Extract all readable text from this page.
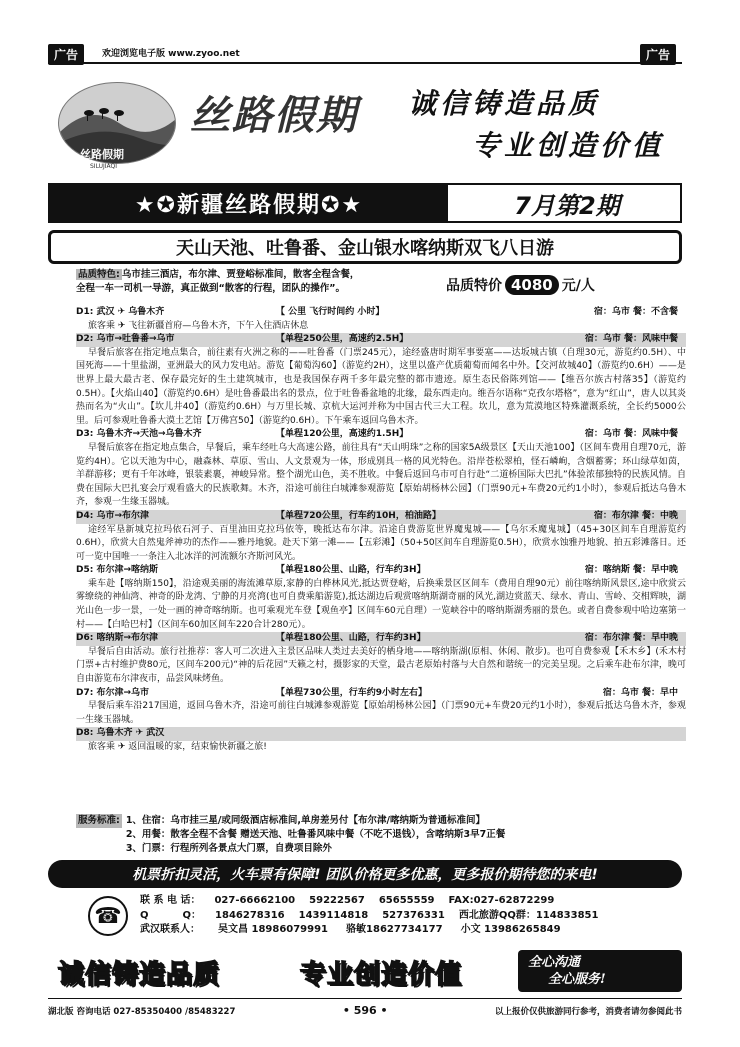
广告	欢迎浏览电子版 www.zyoo.net	广告
丝路假期
SILUJIAQI
丝路假期 诚信铸造品质
专业创造价值
★✪新疆丝路假期✪★	7月第2期
天山天池、吐鲁番、金山银水喀纳斯双飞八日游
品质特色: 乌市挂三酒店，布尔津、贾登峪标准间，散客全程含餐，
全程一车一司机一导游，真正做到“散客的行程，团队的操作”。	品质特价 4080 元/人
D1: 武汉 ✈ 乌鲁木齐	【 公里 飞行时间约 小时】	宿：乌市 餐：不含餐
旅客乘 ✈ 飞往新疆首府—乌鲁木齐，下午入住酒店休息
D2: 乌市→吐鲁番→乌市	【单程250公里，高速约2.5H】	宿：乌市 餐：风味中餐
早餐后旅客在指定地点集合，前往素有火洲之称的——吐鲁番（门票245元），途经盛唐时期军事要塞——达坂城古镇（自理30元，游览约0.5H）、中国死海——十里盐湖，亚洲最大的风力发电站。游览【葡萄沟60】（游览约2H），这里以盛产优质葡萄而闻名中外。【交河故城40】（游览约0.6H）——是世界上最大最古老、保存最完好的生土建筑城市，也是我国保存两千多年最完整的都市遗迹。原生态民俗陈列馆——【维吾尔族古村落35】（游览约0.5H）。【火焰山40】（游览约0.6H）是吐鲁番最出名的景点，位于吐鲁番盆地的北缘，最东西走向。维吾尔语称“克孜尔塔格”，意为“红山”，唐人以其炎热而名为“火山”。【坎儿井40】（游览约0.6H）与万里长城、京杭大运河并称为中国古代三大工程。坎儿，意为荒漠地区特殊灌溉系统，全长约5000公里。后可参观吐鲁番大漠土艺馆【万佛宫50】（游览约0.6H）。下午乘车返回乌鲁木齐。
D3: 乌鲁木齐→天池→乌鲁木齐	【单程120公里，高速约1.5H】	宿：乌市 餐：风味中餐
早餐后旅客在指定地点集合，早餐后，乘车经吐乌大高速公路，前往具有“天山明珠”之称的国家5A级景区【天山天池100】（区间车费用自理70元，游览约4H）。它以天池为中心，融森林、草原、雪山、人文景观为一体，形成别具一格的风光特色。沿岸苍松翠柏，怪石嶙峋，含烟蓄雾；环山绿草如茵，羊群游移；更有千年冰峰，银装素裹，神峻异常。整个湖光山色，美不胜收。中餐后返回乌市可自行赴“二道桥国际大巴扎”体验浓郁独特的民族风情。自费在国际大巴扎宴会厅观看盛大的民族歌舞。木齐，沿途可前往白城滩参观游览【原始胡杨林公园】（门票90元+车费20元约1小时），参观后抵达乌鲁木齐，参观一生缘玉器城。
D4: 乌市→布尔津	【单程720公里，行车约10H，柏油路】	宿：布尔津 餐：中晚
途经军垦新城克拉玛依石河子、百里油田克拉玛依等，晚抵达布尔津。沿途自费游览世界魔鬼城——【乌尔禾魔鬼城】（45+30区间车自理游览约0.6H），欣赏大自然鬼斧神功的杰作——雅丹地貌。赴天下第一滩——【五彩滩】（50+50区间车自理游览0.5H），欣赏水蚀雅丹地貌、拍五彩滩落日。还可一览中国唯一一条注入北冰洋的河流额尔齐斯河风光。
D5: 布尔津→喀纳斯	【单程180公里、山路，行车约3H】	宿：喀纳斯 餐：早中晚
乘车赴【喀纳斯150】，沿途观美丽的海流滩草原,家静的白桦林风光,抵达贾登峪，后换乘景区区间车（费用自理90元）前往喀纳斯风景区,途中欣赏云雾缭绕的神仙湾、神奇的卧龙湾、宁静的月亮湾(也可自费乘船游览),抵达湖边后观赏喀纳斯湖奇丽的风光,湖边赏蓝天、绿水、青山、雪岭、交相辉映，湖光山色一步一景，一处一画的神奇喀纳斯。也可乘观光车登【观鱼亭】区间车60元自理）一览峡谷中的喀纳斯湖秀丽的景色。或者自费参观中哈边塞第一村——【白哈巴村】（区间车60加区间车220合计280元）。
D6: 喀纳斯→布尔津	【单程180公里、山路，行车约3H】	宿：布尔津 餐：早中晚
早餐后自由活动。旅行社推荐：客人可二次进入主景区品味人类过去美好的栖身地——喀纳斯湖(原相、休闲、散步)。也可自费参观【禾木乡】(禾木村门票+古村维护费80元，区间车200元)“神的后花园”天籁之村，摄影家的天堂，最古老原始村落与大自然和谐统一的完美呈现。之后乘车赴布尔津，晚可自由游览布尔津夜市，品尝风味烤鱼。
D7: 布尔津→乌市	【单程730公里，行车约9小时左右】	宿：乌市 餐：早中
早餐后乘车沿217国道，返回乌鲁木齐，沿途可前往白城滩参观游览【原始胡杨林公园】（门票90元+车费20元约1小时），参观后抵达乌鲁木齐，参观一生缘玉器城。
D8: 乌鲁木齐 ✈ 武汉
旅客乘 ✈ 返回温暖的家，结束愉快新疆之旅!
服务标准: 1、住宿：乌市挂三星/或同级酒店标准间,单房差另付【布尔津/喀纳斯为普通标准间】
2、用餐：散客全程不含餐 赠送天池、吐鲁番风味中餐（不吃不退钱），含喀纳斯3早7正餐
3、门票：行程所列各景点大门票，自费项目除外
机票折扣灵活，火车票有保障! 团队价格更多优惠，更多报价期待您的来电!
☎
联 系 电 话： 027-66662100 59222567 65655559 FAX:027-62872299
Q	Q： 1846278316 1439114818 527376331 西北旅游QQ群：114833851
武汉联系人： 吴文昌 18986079991 骆敏18627734177 小文 13986265849
诚信铸造品质	专业创造价值	全心沟通
全心服务!
湖北版 咨询电话 027-85350400 /85483227	• 596 •	以上报价仅供旅游同行参考，消费者请勿参阅此书
